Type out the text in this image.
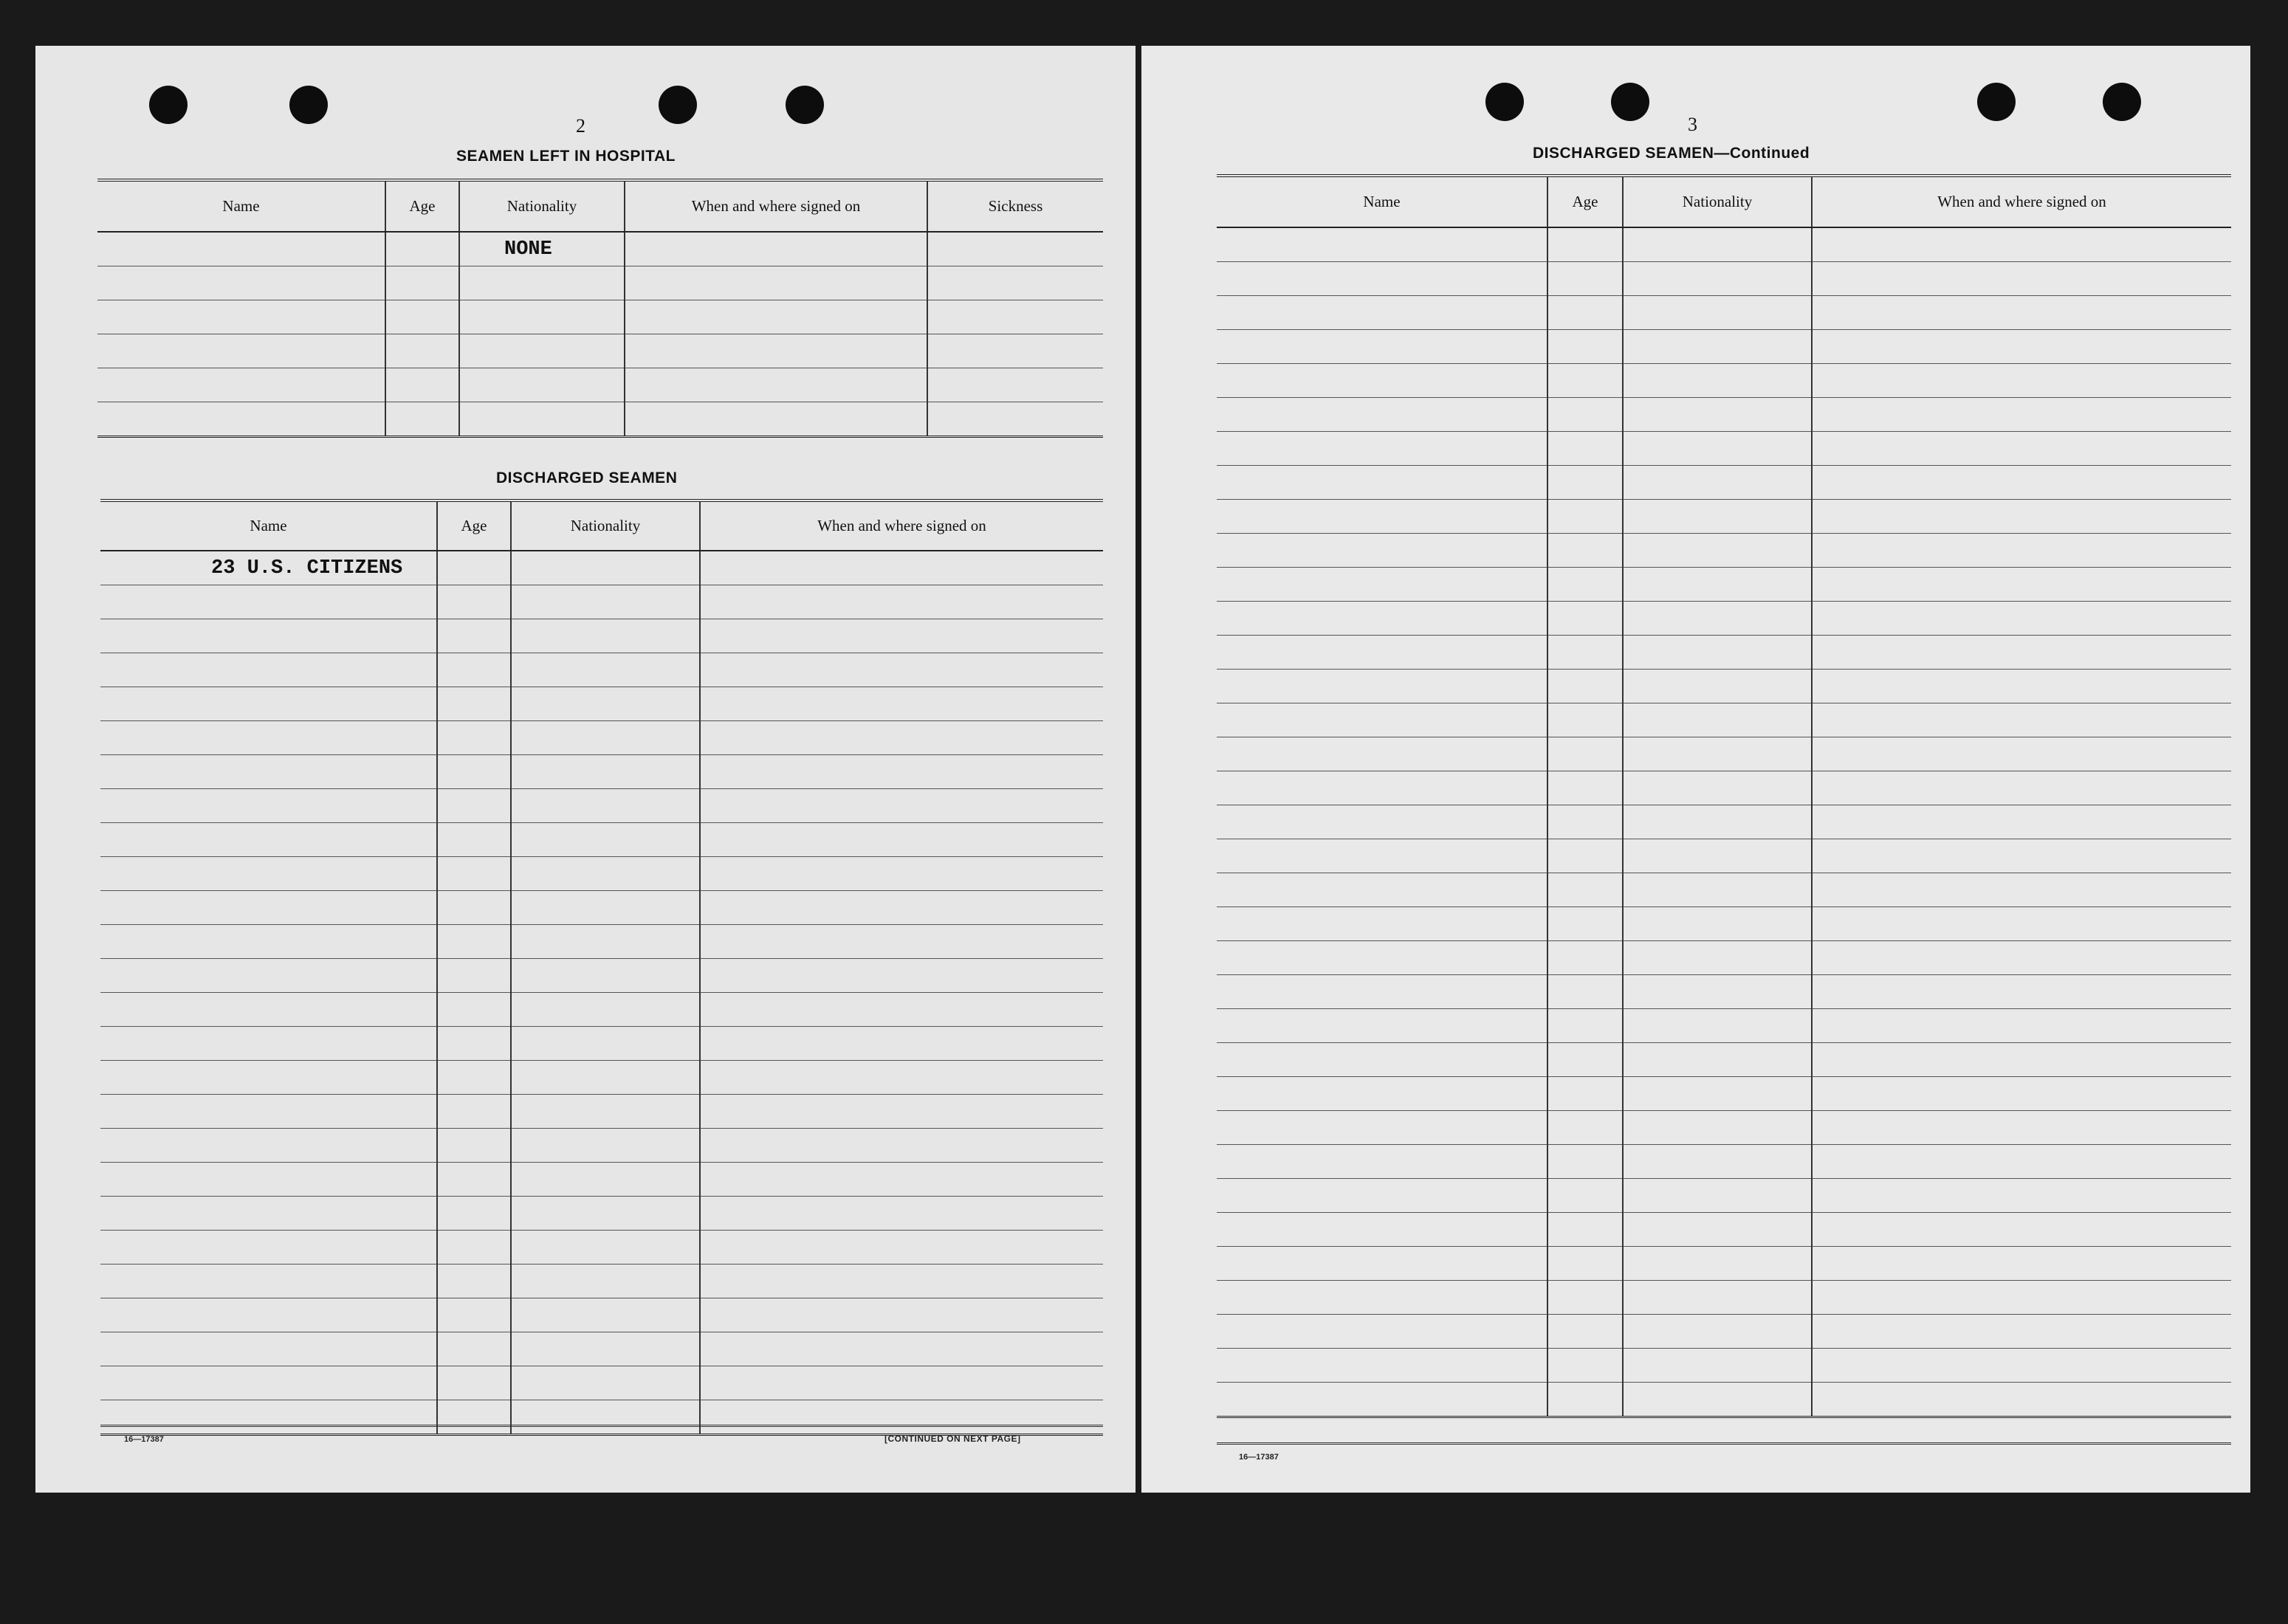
2
SEAMEN LEFT IN HOSPITAL
Name	Age	Nationality	When and where signed on	Sickness
		NONE		

DISCHARGED SEAMEN
Name	Age	Nationality	When and where signed on
23 U.S. CITIZENS			

16—17387	[CONTINUED ON NEXT PAGE]
3
DISCHARGED SEAMEN—Continued
Name	Age	Nationality	When and where signed on

16—17387
